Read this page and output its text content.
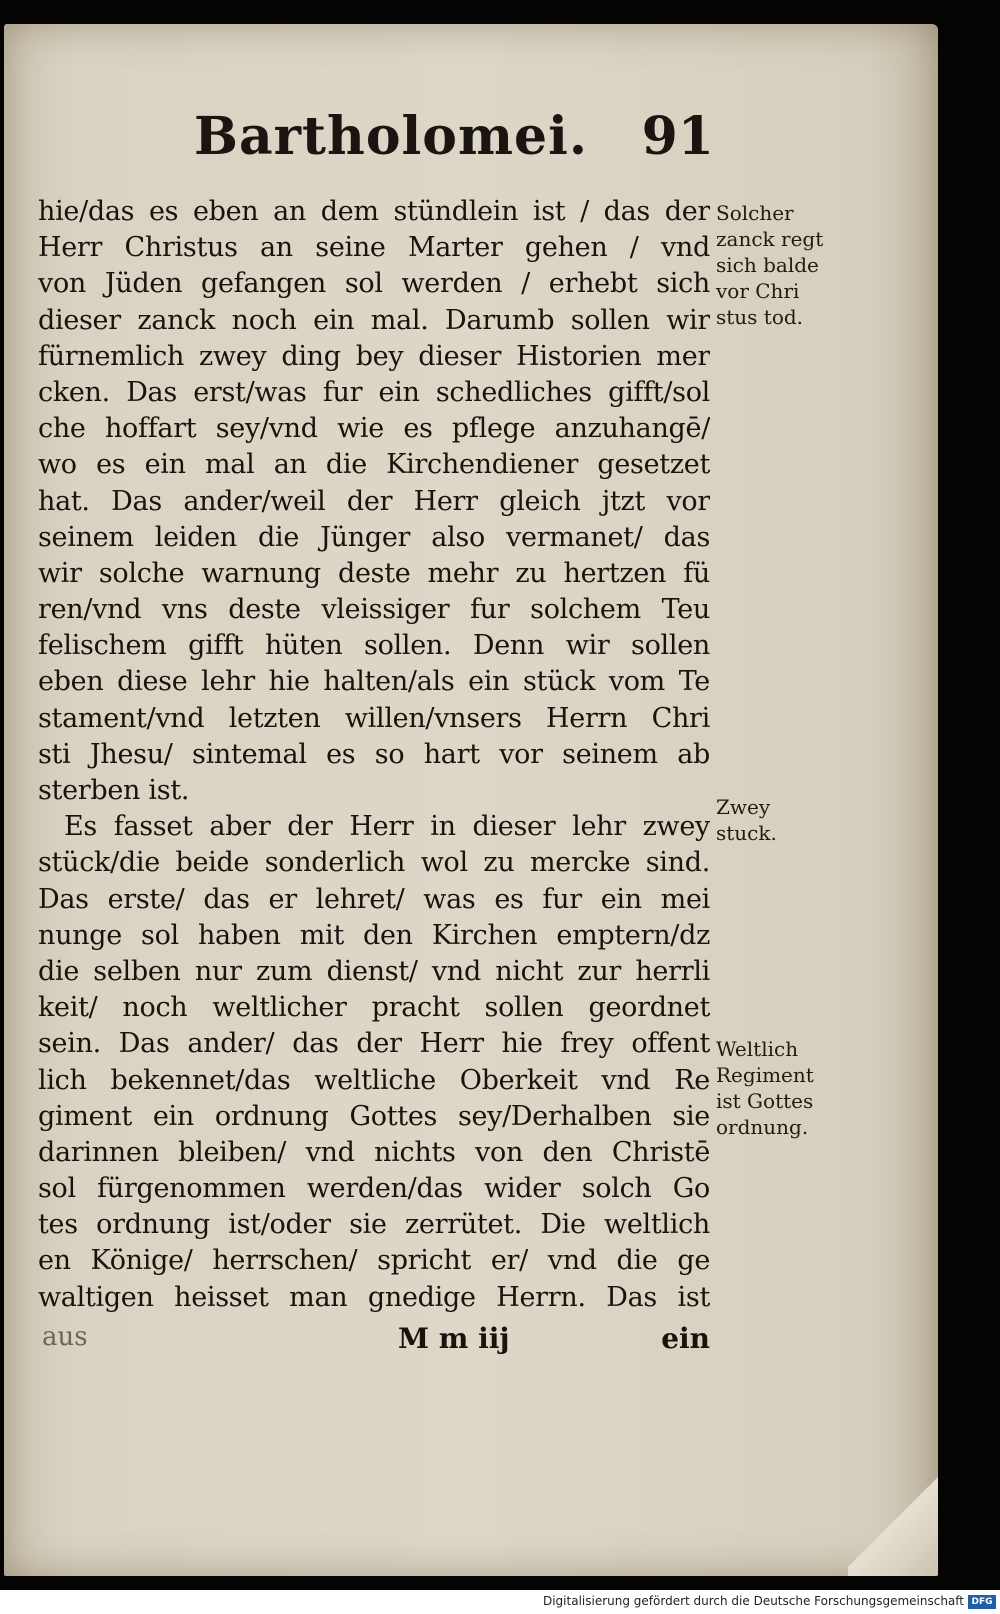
Bartholomei. 91
hie/das es eben an dem stündlein ist / das der
Herr Christus an seine Marter gehen / vnd
von Jüden gefangen sol werden / erhebt sich
dieser zanck noch ein mal. Darumb sollen wir
fürnemlich zwey ding bey dieser Historien mer
cken. Das erst/was fur ein schedliches gifft/sol
che hoffart sey/vnd wie es pflege anzuhangē/
wo es ein mal an die Kirchendiener gesetzet
hat. Das ander/weil der Herr gleich jtzt vor
seinem leiden die Jünger also vermanet/ das
wir solche warnung deste mehr zu hertzen fü
ren/vnd vns deste vleissiger fur solchem Teu
felischem gifft hüten sollen. Denn wir sollen
eben diese lehr hie halten/als ein stück vom Te
stament/vnd letzten willen/vnsers Herrn Chri
sti Jhesu/ sintemal es so hart vor seinem ab
sterben ist.
Es fasset aber der Herr in dieser lehr zwey
stück/die beide sonderlich wol zu mercke sind.
Das erste/ das er lehret/ was es fur ein mei
nunge sol haben mit den Kirchen emptern/dz
die selben nur zum dienst/ vnd nicht zur herrli
keit/ noch weltlicher pracht sollen geordnet
sein. Das ander/ das der Herr hie frey offent
lich bekennet/das weltliche Oberkeit vnd Re
giment ein ordnung Gottes sey/Derhalben sie
darinnen bleiben/ vnd nichts von den Christē
sol fürgenommen werden/das wider solch Go
tes ordnung ist/oder sie zerrütet. Die weltlich
en Könige/ herrschen/ spricht er/ vnd die ge
waltigen heisset man gnedige Herrn. Das ist
aus	M m iij	ein
Solcher
zanck regt
sich balde
vor Chri
stus tod.
Zwey
stuck.
Weltlich
Regiment
ist Gottes
ordnung.
Digitalisierung gefördert durch die Deutsche Forschungsgemeinschaft DFG
